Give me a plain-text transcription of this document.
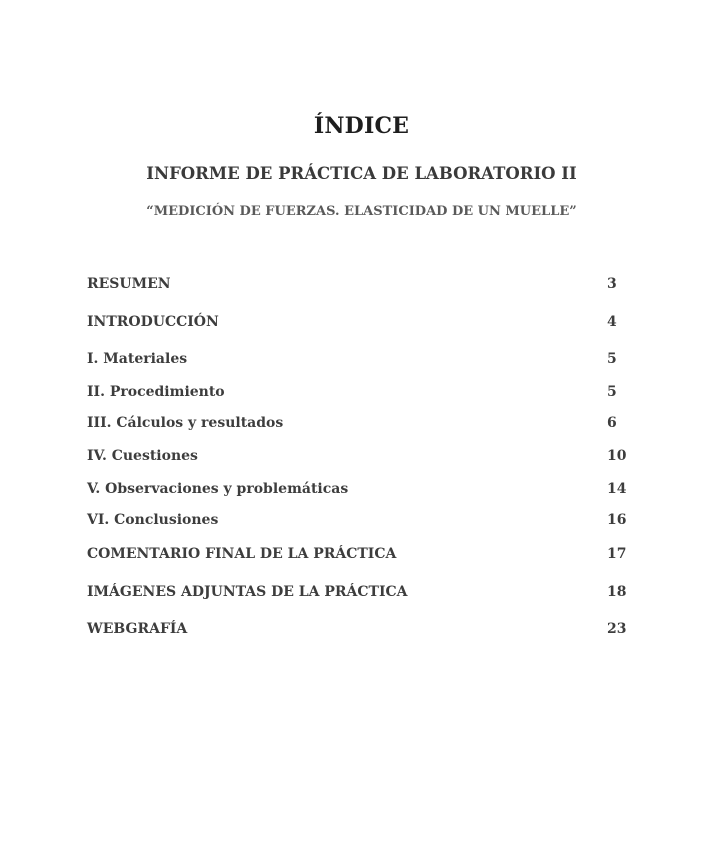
ÍNDICE
INFORME DE PRÁCTICA DE LABORATORIO II
“MEDICIÓN DE FUERZAS. ELASTICIDAD DE UN MUELLE”
RESUMEN	3
INTRODUCCIÓN	4
I. Materiales	5
II. Procedimiento	5
III. Cálculos y resultados	6
IV. Cuestiones	10
V. Observaciones y problemáticas	14
VI. Conclusiones	16
COMENTARIO FINAL DE LA PRÁCTICA	17
IMÁGENES ADJUNTAS DE LA PRÁCTICA	18
WEBGRAFÍA	23
